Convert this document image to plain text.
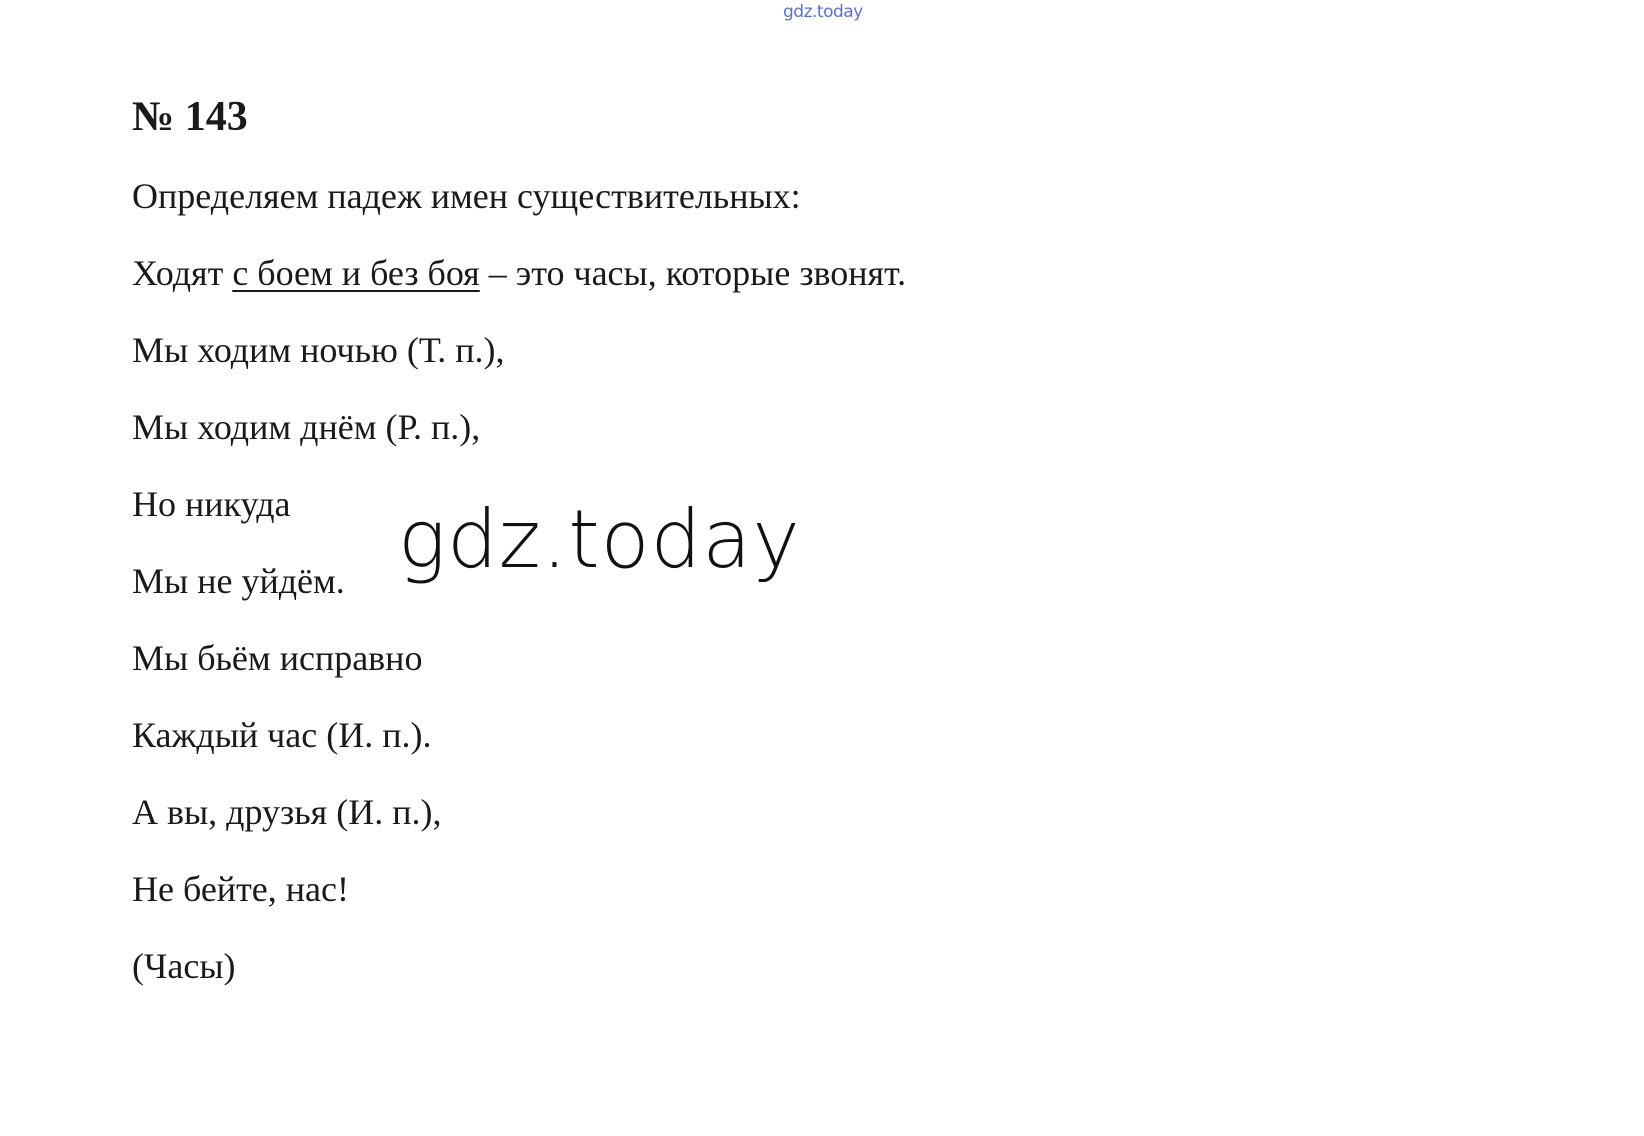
gdz.today
№ 143
Определяем падеж имен существительных:
Ходят с боем и без боя – это часы, которые звонят.
Мы ходим ночью (Т. п.),
Мы ходим днём (Р. п.),
Но никуда
Мы не уйдём.
Мы бьём исправно
Каждый час (И. п.).
А вы, друзья (И. п.),
Не бейте, нас!
(Часы)
gdz.today
